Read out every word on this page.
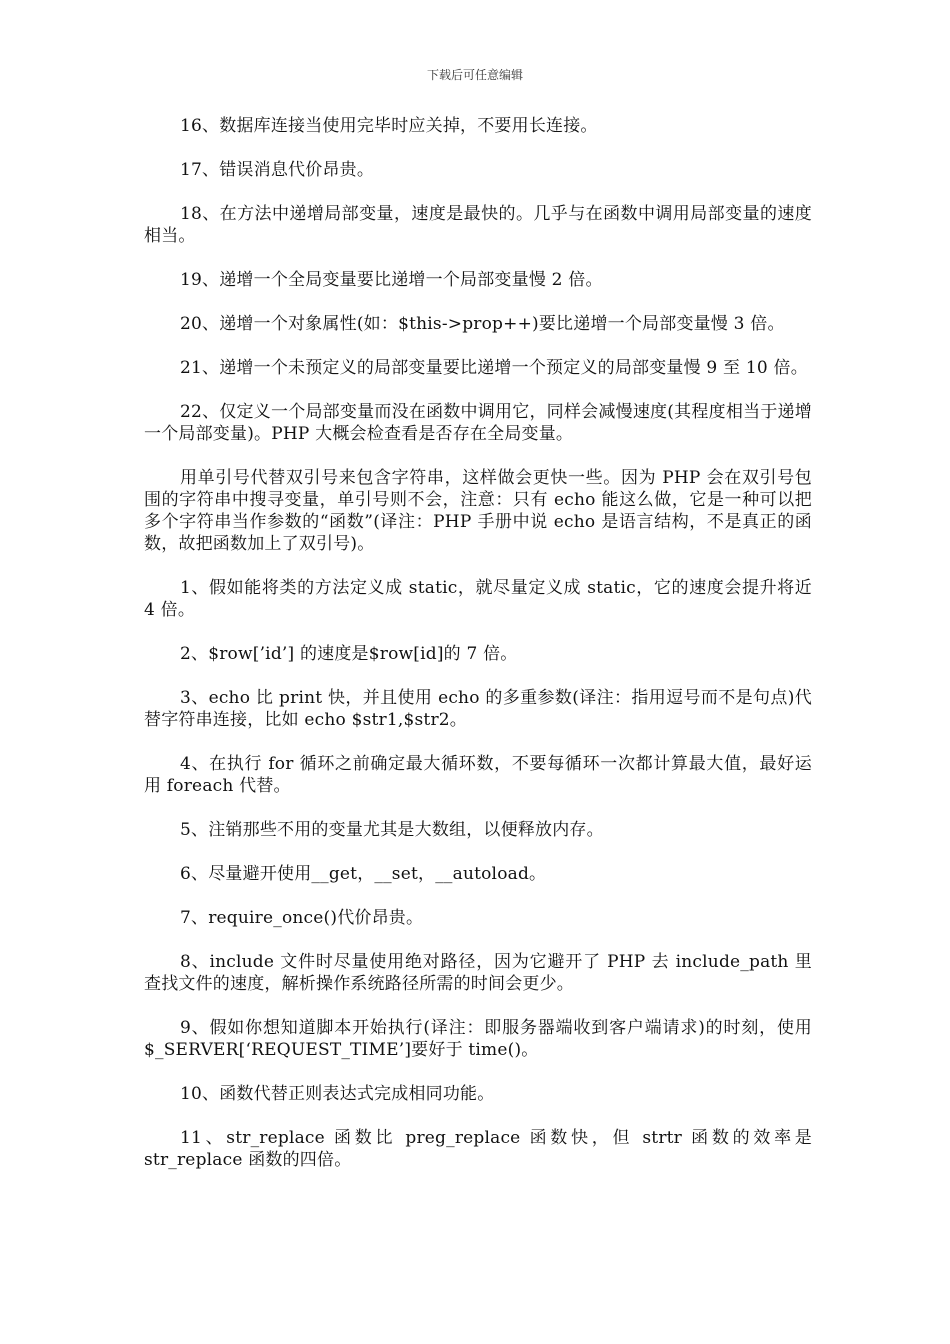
下载后可任意编辑

16、数据库连接当使用完毕时应关掉，不要用长连接。

17、错误消息代价昂贵。

18、在方法中递增局部变量，速度是最快的。几乎与在函数中调用局部变量的速度相当。

19、递增一个全局变量要比递增一个局部变量慢 2 倍。

20、递增一个对象属性(如：$this->prop++)要比递增一个局部变量慢 3 倍。

21、递增一个未预定义的局部变量要比递增一个预定义的局部变量慢 9 至 10 倍。

22、仅定义一个局部变量而没在函数中调用它，同样会减慢速度(其程度相当于递增一个局部变量)。PHP 大概会检查看是否存在全局变量。

用单引号代替双引号来包含字符串，这样做会更快一些。因为 PHP 会在双引号包围的字符串中搜寻变量，单引号则不会，注意：只有 echo 能这么做，它是一种可以把多个字符串当作参数的“函数”(译注：PHP 手册中说 echo 是语言结构，不是真正的函数，故把函数加上了双引号)。

1、假如能将类的方法定义成 static，就尽量定义成 static，它的速度会提升将近 4 倍。

2、$row[’id’] 的速度是$row[id]的 7 倍。

3、echo 比 print 快，并且使用 echo 的多重参数(译注：指用逗号而不是句点)代替字符串连接，比如 echo $str1,$str2。

4、在执行 for 循环之前确定最大循环数，不要每循环一次都计算最大值，最好运用 foreach 代替。

5、注销那些不用的变量尤其是大数组，以便释放内存。

6、尽量避开使用__get，__set，__autoload。

7、require_once()代价昂贵。

8、include 文件时尽量使用绝对路径，因为它避开了 PHP 去 include_path 里查找文件的速度，解析操作系统路径所需的时间会更少。

9、假如你想知道脚本开始执行(译注：即服务器端收到客户端请求)的时刻，使用$_SERVER[‘REQUEST_TIME’]要好于 time()。

10、函数代替正则表达式完成相同功能。

11、str_replace 函数比 preg_replace 函数快，但 strtr 函数的效率是 str_replace 函数的四倍。
